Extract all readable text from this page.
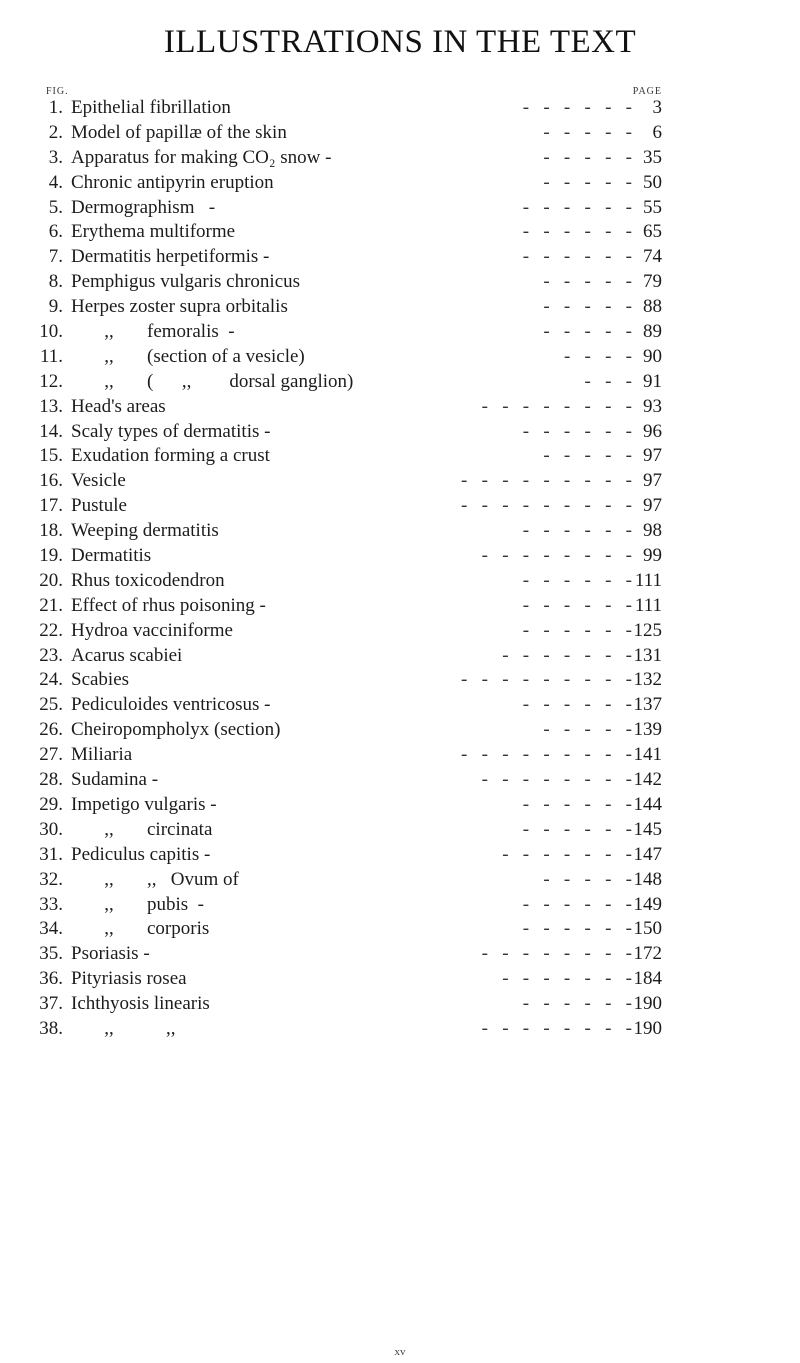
ILLUSTRATIONS IN THE TEXT
FIG.	PAGE
1. Epithelial fibrillation	-   -   -   -   -   - 3
2. Model of papillæ of the skin	-   -   -   -   - 6
3. Apparatus for making CO₂ snow -	-   -   -   -   - 35
4. Chronic antipyrin eruption	-   -   -   -   - 50
5. Dermographism   -	-   -   -   -   -   - 55
6. Erythema multiforme	-   -   -   -   -   - 65
7. Dermatitis herpetiformis -	-   -   -   -   -   - 74
8. Pemphigus vulgaris chronicus	-   -   -   -   - 79
9. Herpes zoster supra orbitalis	-   -   -   -   - 88
10. ,,       femoralis  -	-   -   -   -   - 89
11. ,,       (section of a vesicle)	-   -   -   - 90
12. ,,       (      ,,        dorsal ganglion)	-   -   - 91
13. Head's areas	-   -   -   -   -   -   -   - 93
14. Scaly types of dermatitis -	-   -   -   -   -   - 96
15. Exudation forming a crust	-   -   -   -   - 97
16. Vesicle	-   -   -   -   -   -   -   -   - 97
17. Pustule	-   -   -   -   -   -   -   -   - 97
18. Weeping dermatitis	-   -   -   -   -   - 98
19. Dermatitis	-   -   -   -   -   -   -   - 99
20. Rhus toxicodendron	-   -   -   -   -   - 111
21. Effect of rhus poisoning -	-   -   -   -   -   - 111
22. Hydroa vacciniforme	-   -   -   -   -   - 125
23. Acarus scabiei	-   -   -   -   -   -   - 131
24. Scabies	-   -   -   -   -   -   -   -   - 132
25. Pediculoides ventricosus -	-   -   -   -   -   - 137
26. Cheiropompholyx (section)	-   -   -   -   - 139
27. Miliaria	-   -   -   -   -   -   -   -   - 141
28. Sudamina -	-   -   -   -   -   -   -   - 142
29. Impetigo vulgaris -	-   -   -   -   -   - 144
30. ,,       circinata	-   -   -   -   -   - 145
31. Pediculus capitis -	-   -   -   -   -   -   - 147
32. ,,       ,,   Ovum of	-   -   -   -   - 148
33. ,,       pubis  -	-   -   -   -   -   - 149
34. ,,       corporis	-   -   -   -   -   - 150
35. Psoriasis -	-   -   -   -   -   -   -   - 172
36. Pityriasis rosea	-   -   -   -   -   -   - 184
37. Ichthyosis linearis	-   -   -   -   -   - 190
38. ,,           ,,	-   -   -   -   -   -   -   - 190
xv
